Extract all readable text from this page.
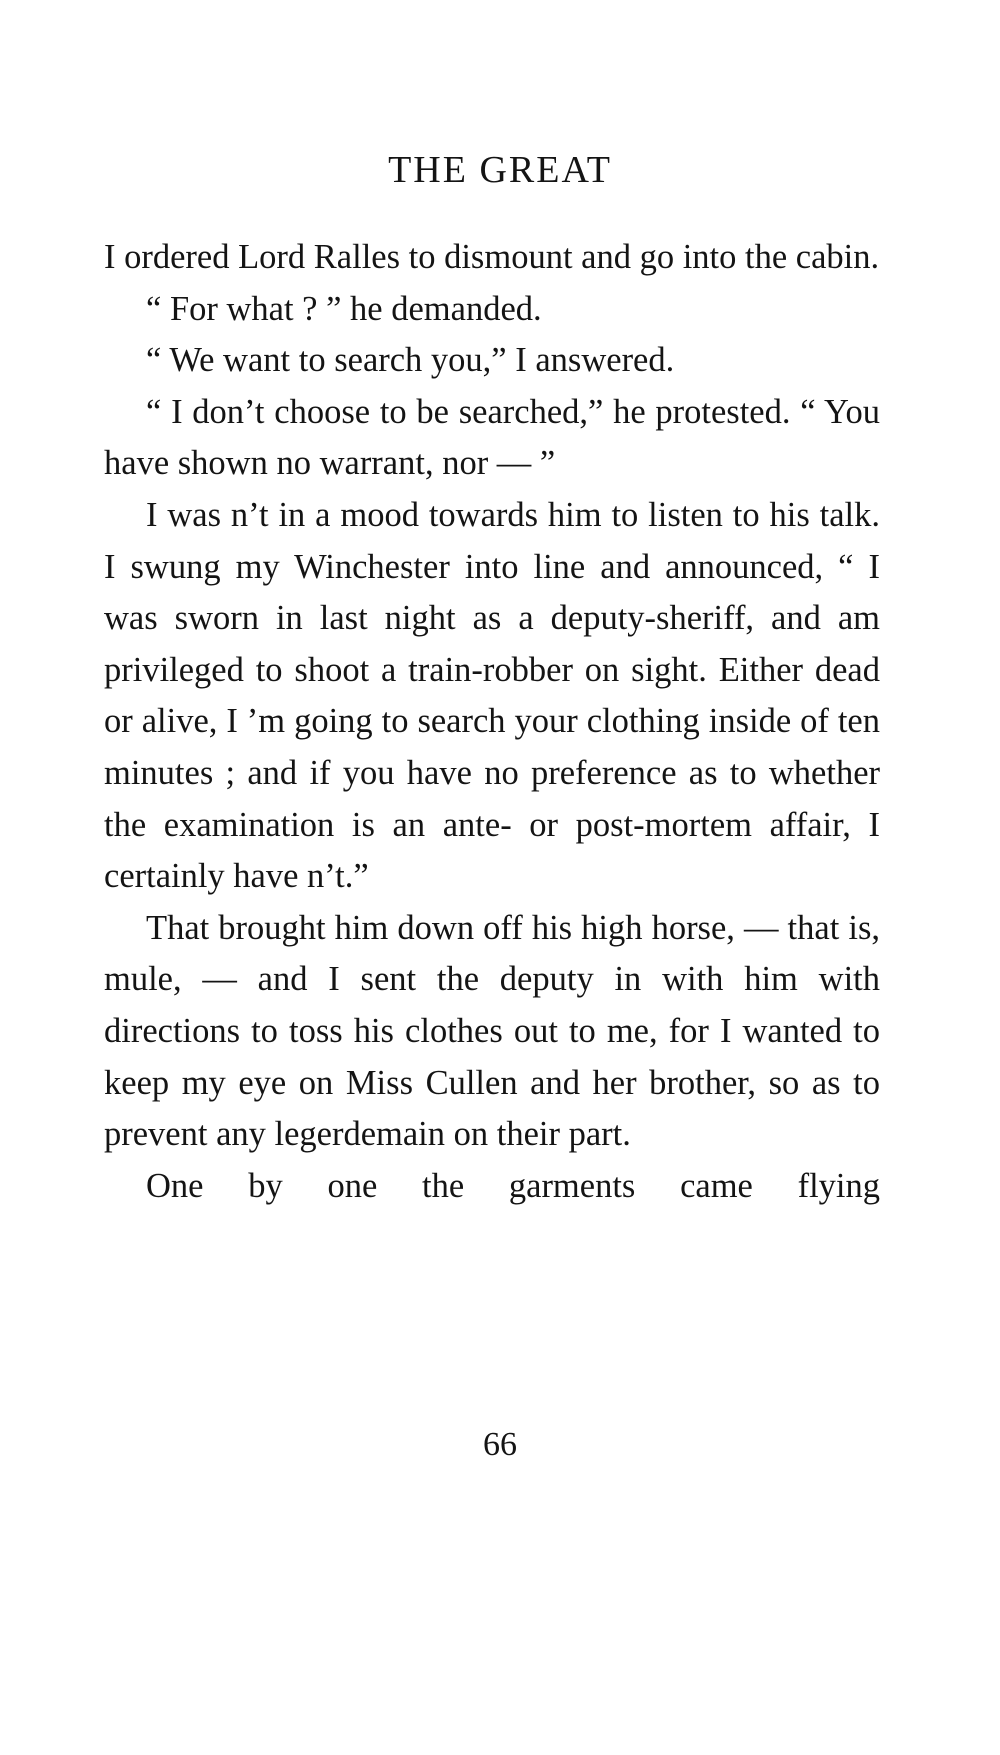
THE GREAT

I ordered Lord Ralles to dismount and go into the cabin.

“ For what ? ” he demanded.

“ We want to search you,” I answered.

“ I don’t choose to be searched,” he protested. “ You have shown no warrant, nor — ”

I was n’t in a mood towards him to listen to his talk. I swung my Winchester into line and announced, “ I was sworn in last night as a deputy-sheriff, and am privileged to shoot a train-robber on sight. Either dead or alive, I ’m going to search your clothing inside of ten minutes ; and if you have no preference as to whether the examination is an ante- or post-mortem affair, I certainly have n’t.”

That brought him down off his high horse, — that is, mule, — and I sent the deputy in with him with directions to toss his clothes out to me, for I wanted to keep my eye on Miss Cullen and her brother, so as to prevent any legerdemain on their part.

One by one the garments came flying

66
